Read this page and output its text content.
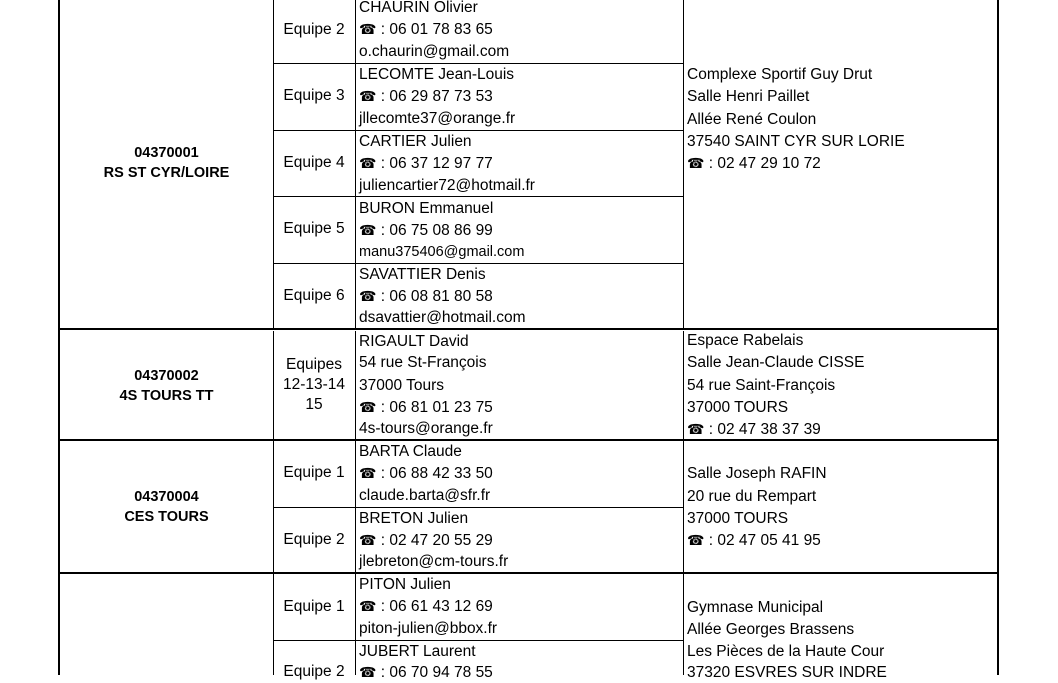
04370001
RS ST CYR/LOIRE
Equipe 2
CHAURIN Olivier
☎ : 06 01 78 83 65
o.chaurin@gmail.com
Equipe 3
LECOMTE Jean-Louis
☎ : 06 29 87 73 53
jllecomte37@orange.fr
Equipe 4
CARTIER Julien
☎ : 06 37 12 97 77
juliencartier72@hotmail.fr
Equipe 5
BURON Emmanuel
☎ : 06 75 08 86 99
manu375406@gmail.com
Equipe 6
SAVATTIER Denis
☎ : 06 08 81 80 58
dsavattier@hotmail.com
Complexe Sportif Guy Drut
Salle Henri Paillet
Allée René Coulon
37540 SAINT CYR SUR LORIE
☎ : 02 47 29 10 72
04370002
4S TOURS TT
Equipes
12-13-14
15
RIGAULT David
54 rue St-François
37000 Tours
☎ : 06 81 01 23 75
4s-tours@orange.fr
Espace Rabelais
Salle Jean-Claude CISSE
54 rue Saint-François
37000 TOURS
☎ : 02 47 38 37 39
04370004
CES TOURS
Equipe 1
BARTA Claude
☎ : 06 88 42 33 50
claude.barta@sfr.fr
Equipe 2
BRETON Julien
☎ : 02 47 20 55 29
jlebreton@cm-tours.fr
Salle Joseph RAFIN
20 rue du Rempart
37000 TOURS
☎ : 02 47 05 41 95
Equipe 1
PITON Julien
☎ : 06 61 43 12 69
piton-julien@bbox.fr
Equipe 2
JUBERT Laurent
☎ : 06 70 94 78 55
Gymnase Municipal
Allée Georges Brassens
Les Pièces de la Haute Cour
37320 ESVRES SUR INDRE
